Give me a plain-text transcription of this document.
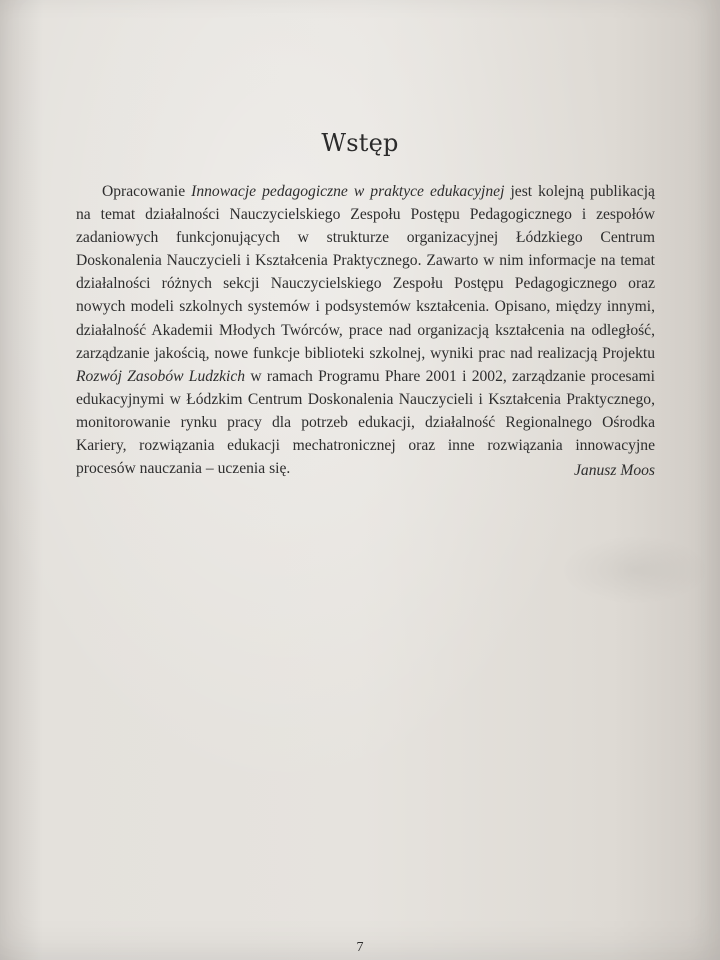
Wstęp

Opracowanie Innowacje pedagogiczne w praktyce edukacyjnej jest kolejną publikacją na temat działalności Nauczycielskiego Zespołu Postępu Pedagogicznego i zespołów zadaniowych funkcjonujących w strukturze organizacyjnej Łódzkiego Centrum Doskonalenia Nauczycieli i Kształcenia Praktycznego. Zawarto w nim informacje na temat działalności różnych sekcji Nauczycielskiego Zespołu Postępu Pedagogicznego oraz nowych modeli szkolnych systemów i podsystemów kształcenia. Opisano, między innymi, działalność Akademii Młodych Twórców, prace nad organizacją kształcenia na odległość, zarządzanie jakością, nowe funkcje biblioteki szkolnej, wyniki prac nad realizacją Projektu Rozwój Zasobów Ludzkich w ramach Programu Phare 2001 i 2002, zarządzanie procesami edukacyjnymi w Łódzkim Centrum Doskonalenia Nauczycieli i Kształcenia Praktycznego, monitorowanie rynku pracy dla potrzeb edukacji, działalność Regionalnego Ośrodka Kariery, rozwiązania edukacji mechatronicznej oraz inne rozwiązania innowacyjne procesów nauczania – uczenia się.	Janusz Moos
7
